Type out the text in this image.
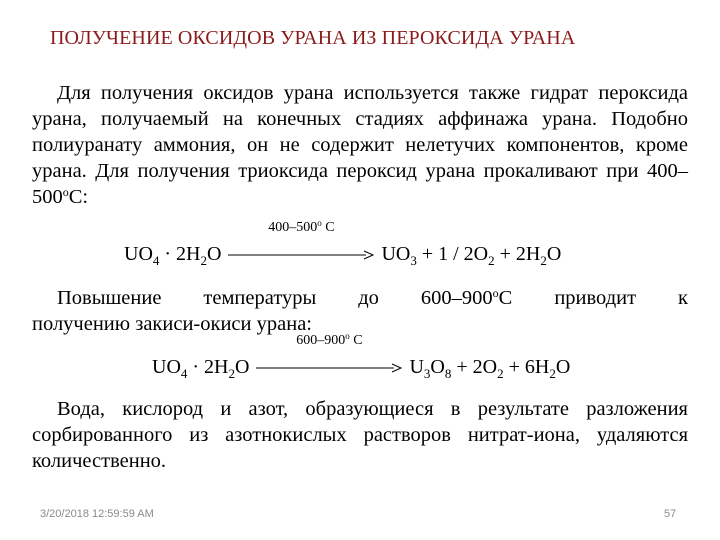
ПОЛУЧЕНИЕ ОКСИДОВ УРАНА ИЗ ПЕРОКСИДА УРАНА
Для получения оксидов урана используется также гидрат пероксида урана, получаемый на конечных стадиях аффинажа урана. Подобно полиуранату аммония, он не содержит нелетучих компонентов, кроме урана. Для получения триоксида пероксид урана прокаливают при 400–500$^o$С:
$UO_4 \cdot 2H_2O$
400–500$^o$ C
$UO_3 + 1 / 2O_2 + 2H_2O$
Повышение температуры до 600–900$^o$С приводит к
получению закиси-окиси урана:
$UO_4 \cdot 2H_2O$
600–900$^o$ C
$U_3O_8 + 2O_2 + 6H_2O$
Вода, кислород и азот, образующиеся в результате разложения сорбированного из азотнокислых растворов нитрат-иона, удаляются количественно.
3/20/2018 12:59:59 AM	57
